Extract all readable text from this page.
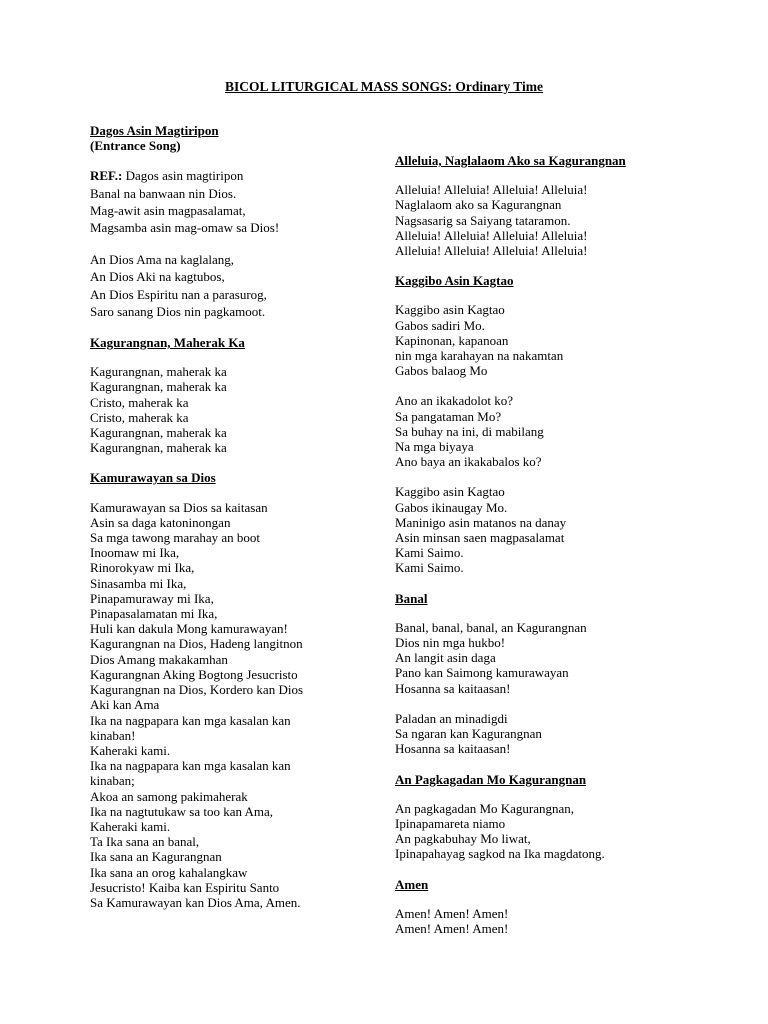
BICOL LITURGICAL MASS SONGS: Ordinary Time
Dagos Asin Magtiripon
(Entrance Song)
REF.: Dagos asin magtiripon
Banal na banwaan nin Dios.
Mag-awit asin magpasalamat,
Magsamba asin mag-omaw sa Dios!
An Dios Ama na kaglalang,
An Dios Aki na kagtubos,
An Dios Espiritu nan a parasurog,
Saro sanang Dios nin pagkamoot.
Kagurangnan, Maherak Ka
Kagurangnan, maherak ka
Kagurangnan, maherak ka
Cristo, maherak ka
Cristo, maherak ka
Kagurangnan, maherak ka
Kagurangnan, maherak ka
Kamurawayan sa Dios
Kamurawayan sa Dios sa kaitasan
Asin sa daga katoninongan
Sa mga tawong marahay an boot
Inoomaw mi Ika,
Rinorokyaw mi Ika,
Sinasamba mi Ika,
Pinapamuraway mi Ika,
Pinapasalamatan mi Ika,
Huli kan dakula Mong kamurawayan!
Kagurangnan na Dios, Hadeng langitnon
Dios Amang makakamhan
Kagurangnan Aking Bogtong Jesucristo
Kagurangnan na Dios, Kordero kan Dios
Aki kan Ama
Ika na nagpapara kan mga kasalan kan
kinaban!
Kaheraki kami.
Ika na nagpapara kan mga kasalan kan
kinaban;
Akoa an samong pakimaherak
Ika na nagtutukaw sa too kan Ama,
Kaheraki kami.
Ta Ika sana an banal,
Ika sana an Kagurangnan
Ika sana an orog kahalangkaw
Jesucristo! Kaiba kan Espiritu Santo
Sa Kamurawayan kan Dios Ama, Amen.
Alleluia, Naglalaom Ako sa Kagurangnan
Alleluia! Alleluia! Alleluia! Alleluia!
Naglalaom ako sa Kagurangnan
Nagsasarig sa Saiyang tataramon.
Alleluia! Alleluia! Alleluia! Alleluia!
Alleluia! Alleluia! Alleluia! Alleluia!
Kaggibo Asin Kagtao
Kaggibo asin Kagtao
Gabos sadiri Mo.
Kapinonan, kapanoan
nin mga karahayan na nakamtan
Gabos balaog Mo
Ano an ikakadolot ko?
Sa pangataman Mo?
Sa buhay na ini, di mabilang
Na mga biyaya
Ano baya an ikakabalos ko?
Kaggibo asin Kagtao
Gabos ikinaugay Mo.
Maninigo asin matanos na danay
Asin minsan saen magpasalamat
Kami Saimo.
Kami Saimo.
Banal
Banal, banal, banal, an Kagurangnan
Dios nin mga hukbo!
An langit asin daga
Pano kan Saimong kamurawayan
Hosanna sa kaitaasan!
Paladan an minadigdi
Sa ngaran kan Kagurangnan
Hosanna sa kaitaasan!
An Pagkagadan Mo Kagurangnan
An pagkagadan Mo Kagurangnan,
Ipinapamareta niamo
An pagkabuhay Mo liwat,
Ipinapahayag sagkod na Ika magdatong.
Amen
Amen! Amen! Amen!
Amen! Amen! Amen!
